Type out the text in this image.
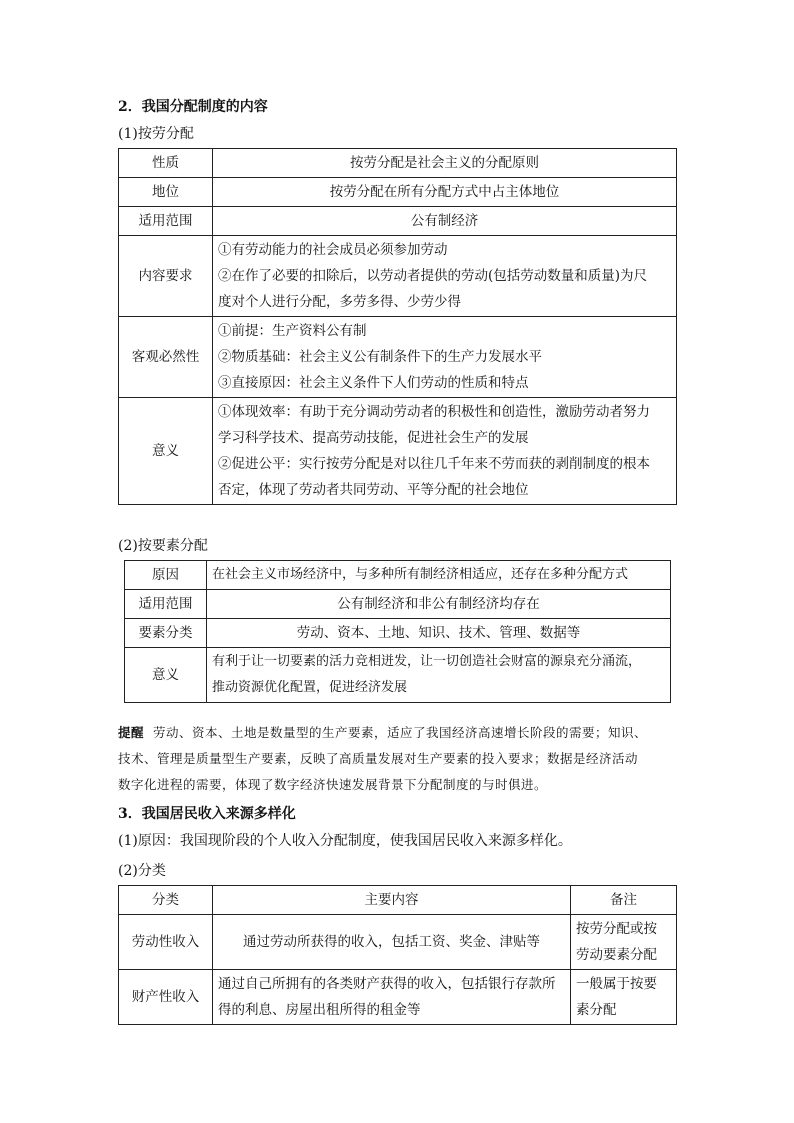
2．我国分配制度的内容
(1)按劳分配
性质	按劳分配是社会主义的分配原则
地位	按劳分配在所有分配方式中占主体地位
适用范围	公有制经济
内容要求	①有劳动能力的社会成员必须参加劳动
②在作了必要的扣除后，以劳动者提供的劳动(包括劳动数量和质量)为尺
度对个人进行分配，多劳多得、少劳少得

客观必然性	①前提：生产资料公有制
②物质基础：社会主义公有制条件下的生产力发展水平
③直接原因：社会主义条件下人们劳动的性质和特点

意义	①体现效率：有助于充分调动劳动者的积极性和创造性，激励劳动者努力
学习科学技术、提高劳动技能，促进社会生产的发展
②促进公平：实行按劳分配是对以往几千年来不劳而获的剥削制度的根本
否定，体现了劳动者共同劳动、平等分配的社会地位
(2)按要素分配
原因	在社会主义市场经济中，与多种所有制经济相适应，还存在多种分配方式
适用范围	公有制经济和非公有制经济均存在
要素分类	劳动、资本、土地、知识、技术、管理、数据等
意义	有利于让一切要素的活力竞相迸发，让一切创造社会财富的源泉充分涌流，
推动资源优化配置，促进经济发展
提醒 劳动、资本、土地是数量型的生产要素，适应了我国经济高速增长阶段的需要；知识、
技术、管理是质量型生产要素，反映了高质量发展对生产要素的投入要求；数据是经济活动
数字化进程的需要，体现了数字经济快速发展背景下分配制度的与时俱进。
3．我国居民收入来源多样化
(1)原因：我国现阶段的个人收入分配制度，使我国居民收入来源多样化。
(2)分类
分类	主要内容	备注
劳动性收入	通过劳动所获得的收入，包括工资、奖金、津贴等	按劳分配或按
劳动要素分配

财产性收入	通过自己所拥有的各类财产获得的收入，包括银行存款所
得的利息、房屋出租所得的租金等	一般属于按要
素分配
